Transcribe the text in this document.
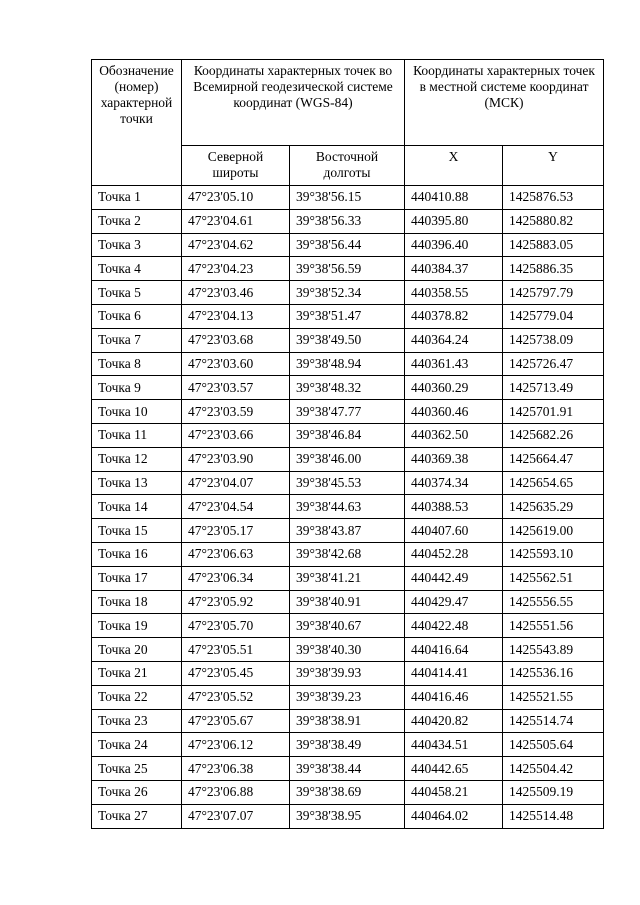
Обозначение (номер) характерной точки	Координаты характерных точек во Всемирной геодезической системе координат (WGS-84)		Координаты характерных точек в местной системе координат (МСК)	
	Северной широты	Восточной долготы	X	Y
Точка 1	47°23'05.10	39°38'56.15	440410.88	1425876.53
Точка 2	47°23'04.61	39°38'56.33	440395.80	1425880.82
Точка 3	47°23'04.62	39°38'56.44	440396.40	1425883.05
Точка 4	47°23'04.23	39°38'56.59	440384.37	1425886.35
Точка 5	47°23'03.46	39°38'52.34	440358.55	1425797.79
Точка 6	47°23'04.13	39°38'51.47	440378.82	1425779.04
Точка 7	47°23'03.68	39°38'49.50	440364.24	1425738.09
Точка 8	47°23'03.60	39°38'48.94	440361.43	1425726.47
Точка 9	47°23'03.57	39°38'48.32	440360.29	1425713.49
Точка 10	47°23'03.59	39°38'47.77	440360.46	1425701.91
Точка 11	47°23'03.66	39°38'46.84	440362.50	1425682.26
Точка 12	47°23'03.90	39°38'46.00	440369.38	1425664.47
Точка 13	47°23'04.07	39°38'45.53	440374.34	1425654.65
Точка 14	47°23'04.54	39°38'44.63	440388.53	1425635.29
Точка 15	47°23'05.17	39°38'43.87	440407.60	1425619.00
Точка 16	47°23'06.63	39°38'42.68	440452.28	1425593.10
Точка 17	47°23'06.34	39°38'41.21	440442.49	1425562.51
Точка 18	47°23'05.92	39°38'40.91	440429.47	1425556.55
Точка 19	47°23'05.70	39°38'40.67	440422.48	1425551.56
Точка 20	47°23'05.51	39°38'40.30	440416.64	1425543.89
Точка 21	47°23'05.45	39°38'39.93	440414.41	1425536.16
Точка 22	47°23'05.52	39°38'39.23	440416.46	1425521.55
Точка 23	47°23'05.67	39°38'38.91	440420.82	1425514.74
Точка 24	47°23'06.12	39°38'38.49	440434.51	1425505.64
Точка 25	47°23'06.38	39°38'38.44	440442.65	1425504.42
Точка 26	47°23'06.88	39°38'38.69	440458.21	1425509.19
Точка 27	47°23'07.07	39°38'38.95	440464.02	1425514.48
